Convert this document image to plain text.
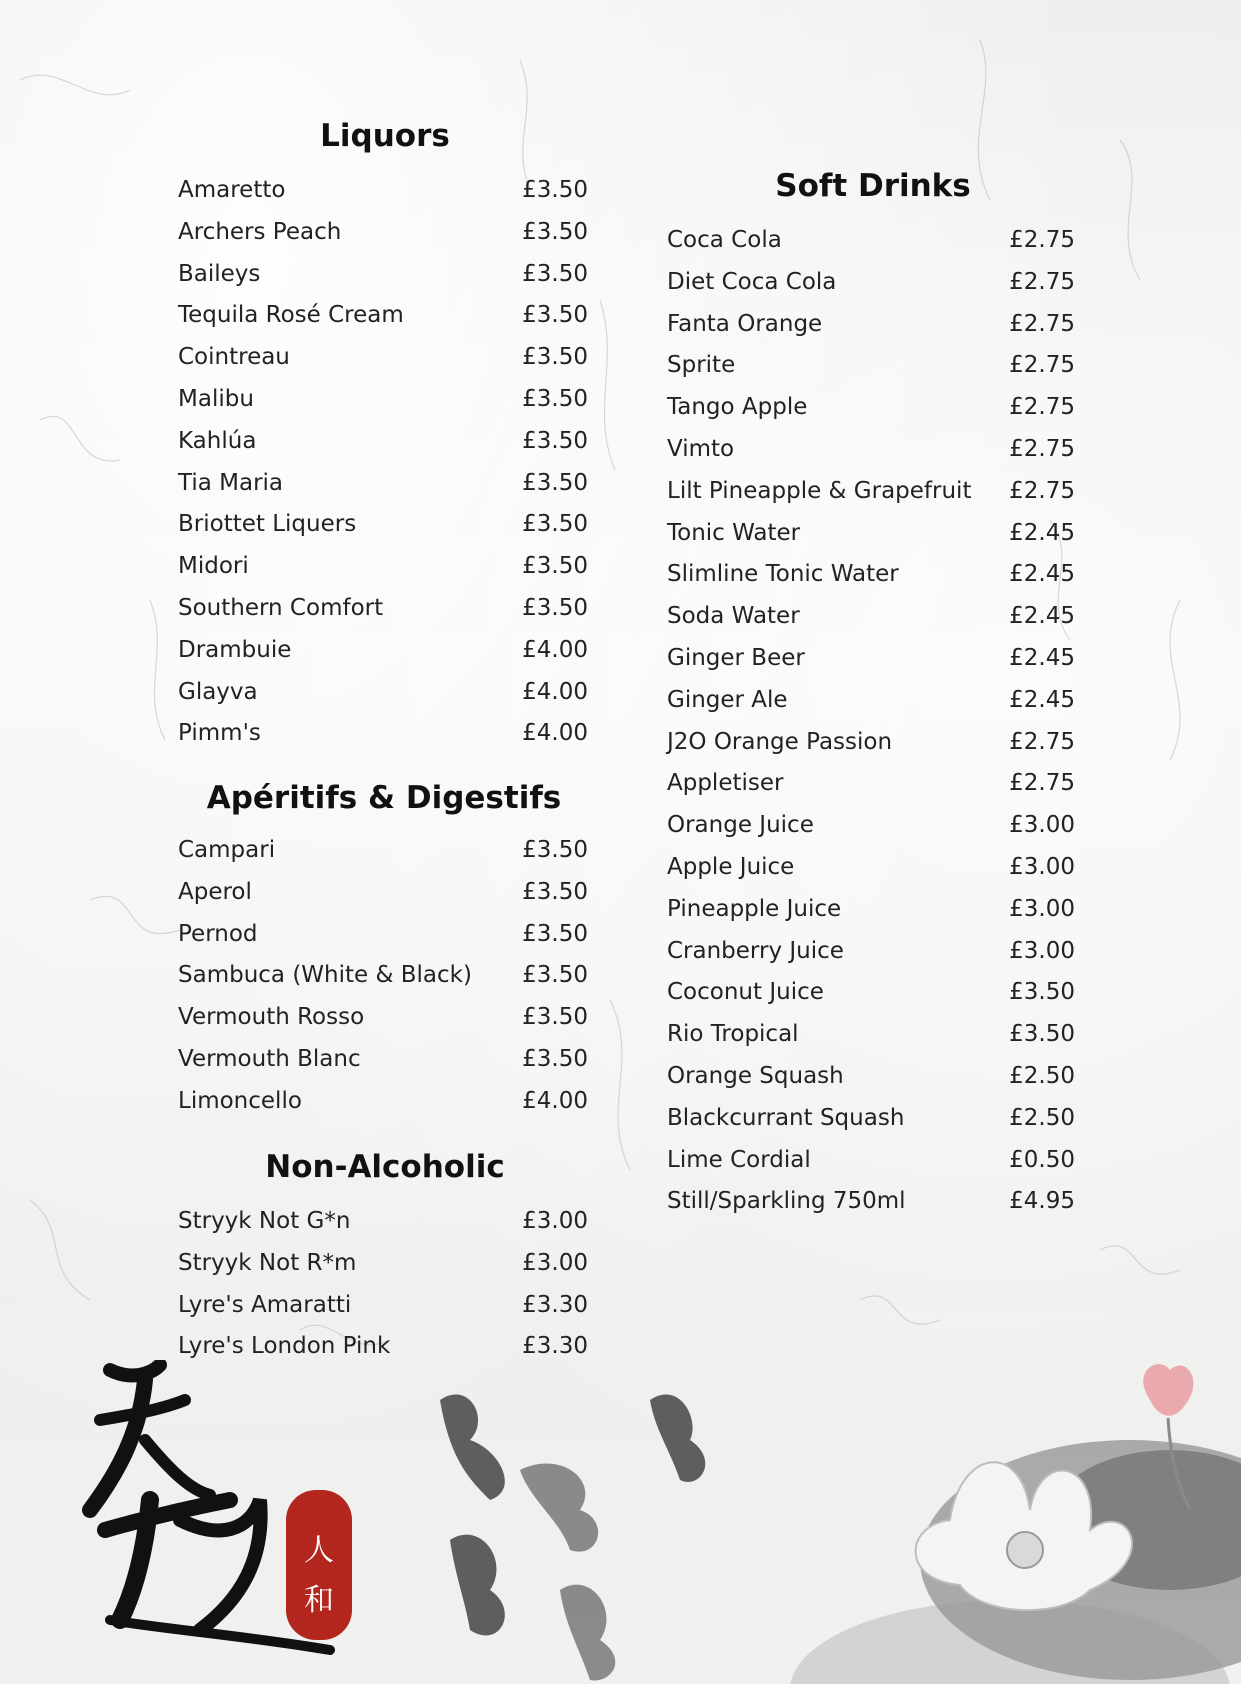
Liquors
Amaretto	£3.50
Archers Peach	£3.50
Baileys	£3.50
Tequila Rosé Cream	£3.50
Cointreau	£3.50
Malibu	£3.50
Kahlúa	£3.50
Tia Maria	£3.50
Briottet Liquers	£3.50
Midori	£3.50
Southern Comfort	£3.50
Drambuie	£4.00
Glayva	£4.00
Pimm's	£4.00
Apéritifs & Digestifs
Campari	£3.50
Aperol	£3.50
Pernod	£3.50
Sambuca (White & Black) £3.50
Vermouth Rosso	£3.50
Vermouth Blanc	£3.50
Limoncello	£4.00
Non-Alcoholic
Stryyk Not G*n	£3.00
Stryyk Not R*m	£3.00
Lyre's Amaratti	£3.30
Lyre's London Pink	£3.30
Soft Drinks
Coca Cola	£2.75
Diet Coca Cola	£2.75
Fanta Orange	£2.75
Sprite	£2.75
Tango Apple	£2.75
Vimto	£2.75
Lilt Pineapple & Grapefruit £2.75
Tonic Water	£2.45
Slimline Tonic Water	£2.45
Soda Water	£2.45
Ginger Beer	£2.45
Ginger Ale	£2.45
J2O Orange Passion	£2.75
Appletiser	£2.75
Orange Juice	£3.00
Apple Juice	£3.00
Pineapple Juice	£3.00
Cranberry Juice	£3.00
Coconut Juice	£3.50
Rio Tropical	£3.50
Orange Squash	£2.50
Blackcurrant Squash	£2.50
Lime Cordial	£0.50
Still/Sparkling 750ml	£4.95
人
和
